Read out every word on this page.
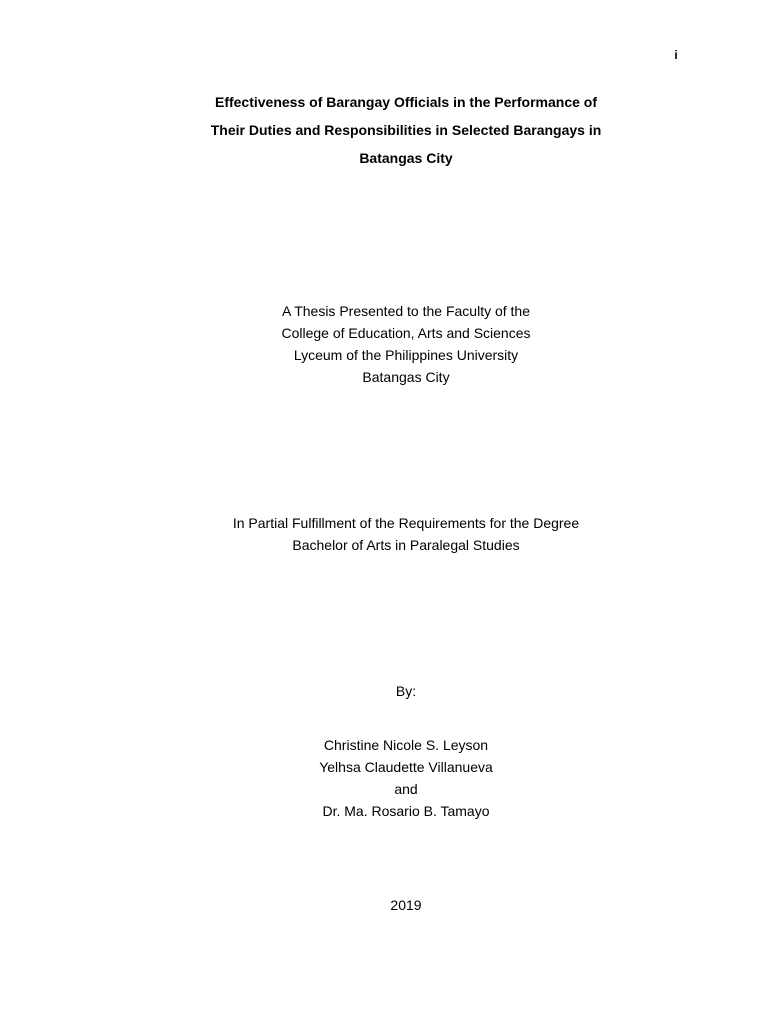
i
Effectiveness of Barangay Officials in the Performance of
Their Duties and Responsibilities in Selected Barangays in
Batangas City
A Thesis Presented to the Faculty of the
College of Education, Arts and Sciences
Lyceum of the Philippines University
Batangas City
In Partial Fulfillment of the Requirements for the Degree
Bachelor of Arts in Paralegal Studies
By:
Christine Nicole S. Leyson
Yelhsa Claudette Villanueva
and
Dr. Ma. Rosario B. Tamayo
2019
